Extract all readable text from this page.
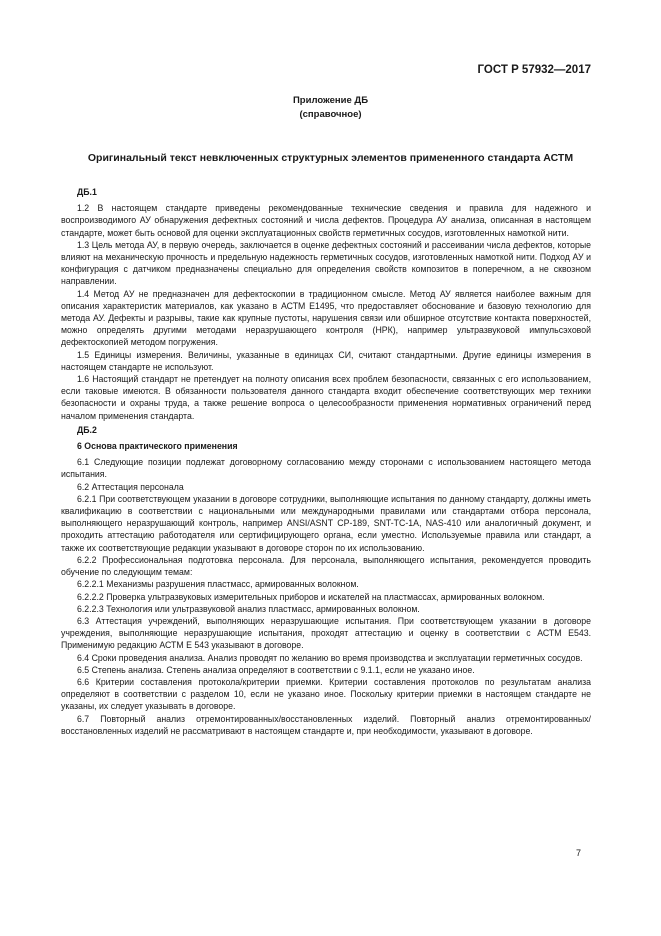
ГОСТ Р 57932—2017
Приложение ДБ
(справочное)
Оригинальный текст невключенных структурных элементов примененного стандарта АСТМ
ДБ.1

1.2 В настоящем стандарте приведены рекомендованные технические сведения и правила для надежного и воспроизводимого АУ обнаружения дефектных состояний и числа дефектов. Процедура АУ анализа, описанная в настоящем стандарте, может быть основой для оценки эксплуатационных свойств герметичных сосудов, изготовленных намоткой нити.

1.3 Цель метода АУ, в первую очередь, заключается в оценке дефектных состояний и рассеивании числа дефектов, которые влияют на механическую прочность и предельную надежность герметичных сосудов, изготовленных намоткой нити. Подход АУ и конфигурация с датчиком предназначены специально для определения свойств композитов в поперечном, а не сквозном направлении.

1.4 Метод АУ не предназначен для дефектоскопии в традиционном смысле. Метод АУ является наиболее важным для описания характеристик материалов, как указано в АСТМ Е1495, что предоставляет обоснование и базовую технологию для метода АУ. Дефекты и разрывы, такие как крупные пустоты, нарушения связи или обширное отсутствие контакта поверхностей, можно определять другими методами неразрушающего контроля (НРК), например ультразвуковой импульсэховой дефектоскопией методом погружения.

1.5 Единицы измерения. Величины, указанные в единицах СИ, считают стандартными. Другие единицы измерения в настоящем стандарте не используют.

1.6 Настоящий стандарт не претендует на полноту описания всех проблем безопасности, связанных с его использованием, если таковые имеются. В обязанности пользователя данного стандарта входит обеспечение соответствующих мер техники безопасности и охраны труда, а также решение вопроса о целесообразности применения нормативных ограничений перед началом применения стандарта.

ДБ.2
6 Основа практического применения

6.1 Следующие позиции подлежат договорному согласованию между сторонами с использованием настоящего метода испытания.

6.2 Аттестация персонала

6.2.1 При соответствующем указании в договоре сотрудники, выполняющие испытания по данному стандарту, должны иметь квалификацию в соответствии с национальными или международными правилами или стандартами отбора персонала, выполняющего неразрушающий контроль, например ANSI/ASNT CP-189, SNT-TC-1A, NAS-410 или аналогичный документ, и проходить аттестацию работодателя или сертифицирующего органа, если уместно. Используемые правила или стандарт, а также их соответствующие редакции указывают в договоре сторон по их использованию.

6.2.2 Профессиональная подготовка персонала. Для персонала, выполняющего испытания, рекомендуется проводить обучение по следующим темам:

6.2.2.1 Механизмы разрушения пластмасс, армированных волокном.

6.2.2.2 Проверка ультразвуковых измерительных приборов и искателей на пластмассах, армированных волокном.

6.2.2.3 Технология или ультразвуковой анализ пластмасс, армированных волокном.

6.3 Аттестация учреждений, выполняющих неразрушающие испытания. При соответствующем указании в договоре учреждения, выполняющие неразрушающие испытания, проходят аттестацию и оценку в соответствии с АСТМ Е543. Применимую редакцию АСТМ Е 543 указывают в договоре.

6.4 Сроки проведения анализа. Анализ проводят по желанию во время производства и эксплуатации герметичных сосудов.

6.5 Степень анализа. Степень анализа определяют в соответствии с 9.1.1, если не указано иное.

6.6 Критерии составления протокола/критерии приемки. Критерии составления протоколов по результатам анализа определяют в соответствии с разделом 10, если не указано иное. Поскольку критерии приемки в настоящем стандарте не указаны, их следует указывать в договоре.

6.7 Повторный анализ отремонтированных/восстановленных изделий. Повторный анализ отремонтированных/восстановленных изделий не рассматривают в настоящем стандарте и, при необходимости, указывают в договоре.

7
